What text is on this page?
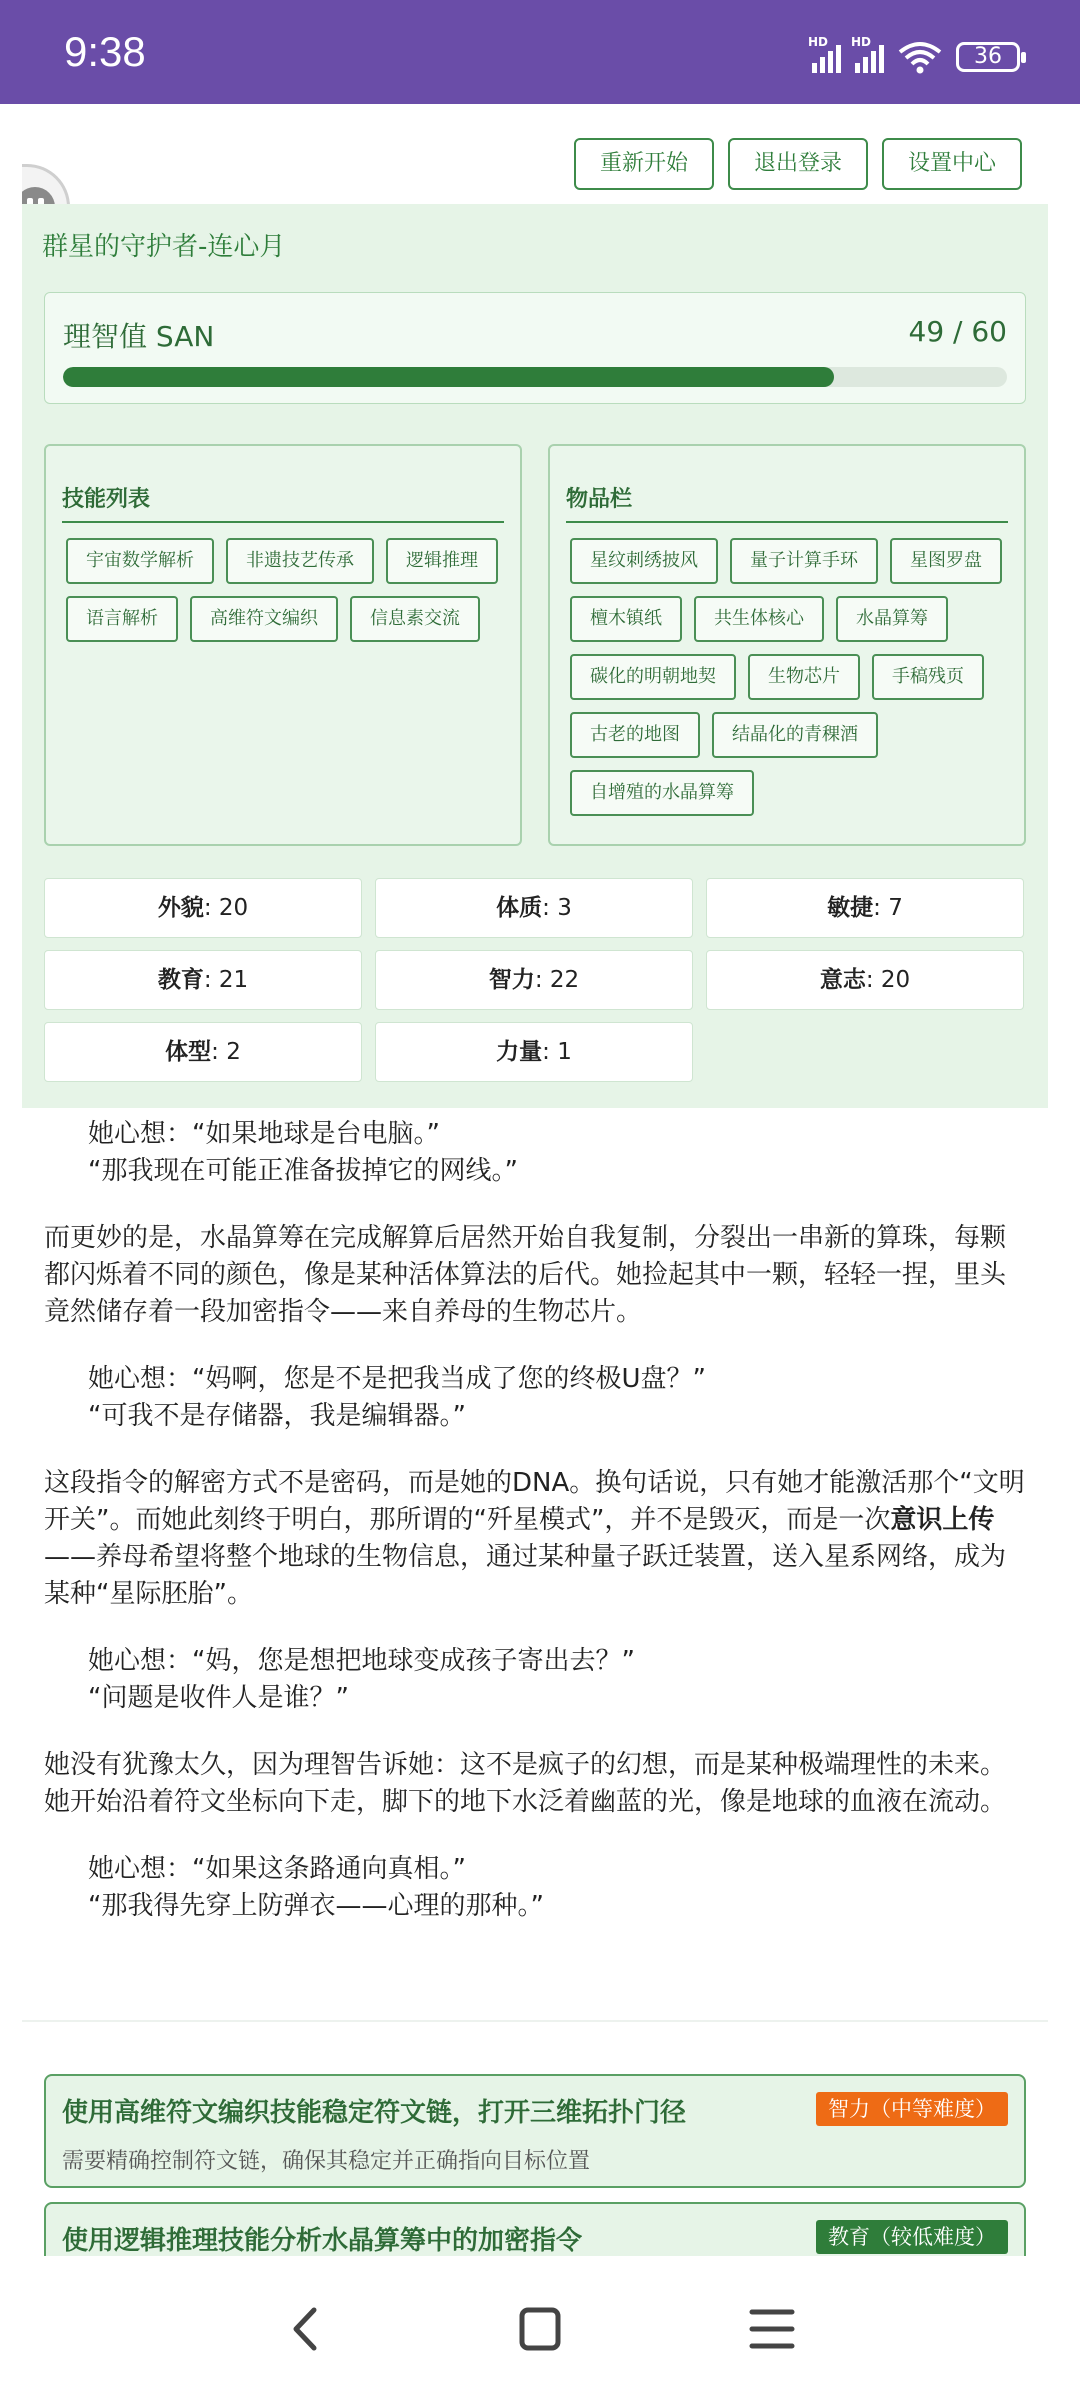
9:38	HD HD
36
重新开始	退出登录	设置中心
群星的守护者-连心月
理智值 SAN	49 / 60
技能列表
宇宙数学解析	非遗技艺传承	逻辑推理
语言解析	高维符文编织	信息素交流
物品栏
星纹刺绣披风	量子计算手环	星图罗盘
檀木镇纸	共生体核心	水晶算筹
碳化的明朝地契	生物芯片	手稿残页
古老的地图	结晶化的青稞酒
自增殖的水晶算筹
外貌: 20	体质: 3	敏捷: 7
教育: 21	智力: 22	意志: 20
体型: 2	力量: 1
她心想：“如果地球是台电脑。”
“那我现在可能正准备拔掉它的网线。”

而更妙的是，水晶算筹在完成解算后居然开始自我复制，分裂出一串新的算珠，每颗都闪烁着不同的颜色，像是某种活体算法的后代。她捡起其中一颗，轻轻一捏，里头竟然储存着一段加密指令——来自养母的生物芯片。

她心想：“妈啊，您是不是把我当成了您的终极U盘？”
“可我不是存储器，我是编辑器。”

这段指令的解密方式不是密码，而是她的DNA。换句话说，只有她才能激活那个“文明开关”。而她此刻终于明白，那所谓的“歼星模式”，并不是毁灭，而是一次意识上传——养母希望将整个地球的生物信息，通过某种量子跃迁装置，送入星系网络，成为某种“星际胚胎”。

她心想：“妈，您是想把地球变成孩子寄出去？”
“问题是收件人是谁？”

她没有犹豫太久，因为理智告诉她：这不是疯子的幻想，而是某种极端理性的未来。她开始沿着符文坐标向下走，脚下的地下水泛着幽蓝的光，像是地球的血液在流动。

她心想：“如果这条路通向真相。”
“那我得先穿上防弹衣——心理的那种。”
使用高维符文编织技能稳定符文链，打开三维拓扑门径	智力（中等难度）
需要精确控制符文链，确保其稳定并正确指向目标位置
使用逻辑推理技能分析水晶算筹中的加密指令	教育（较低难度）
